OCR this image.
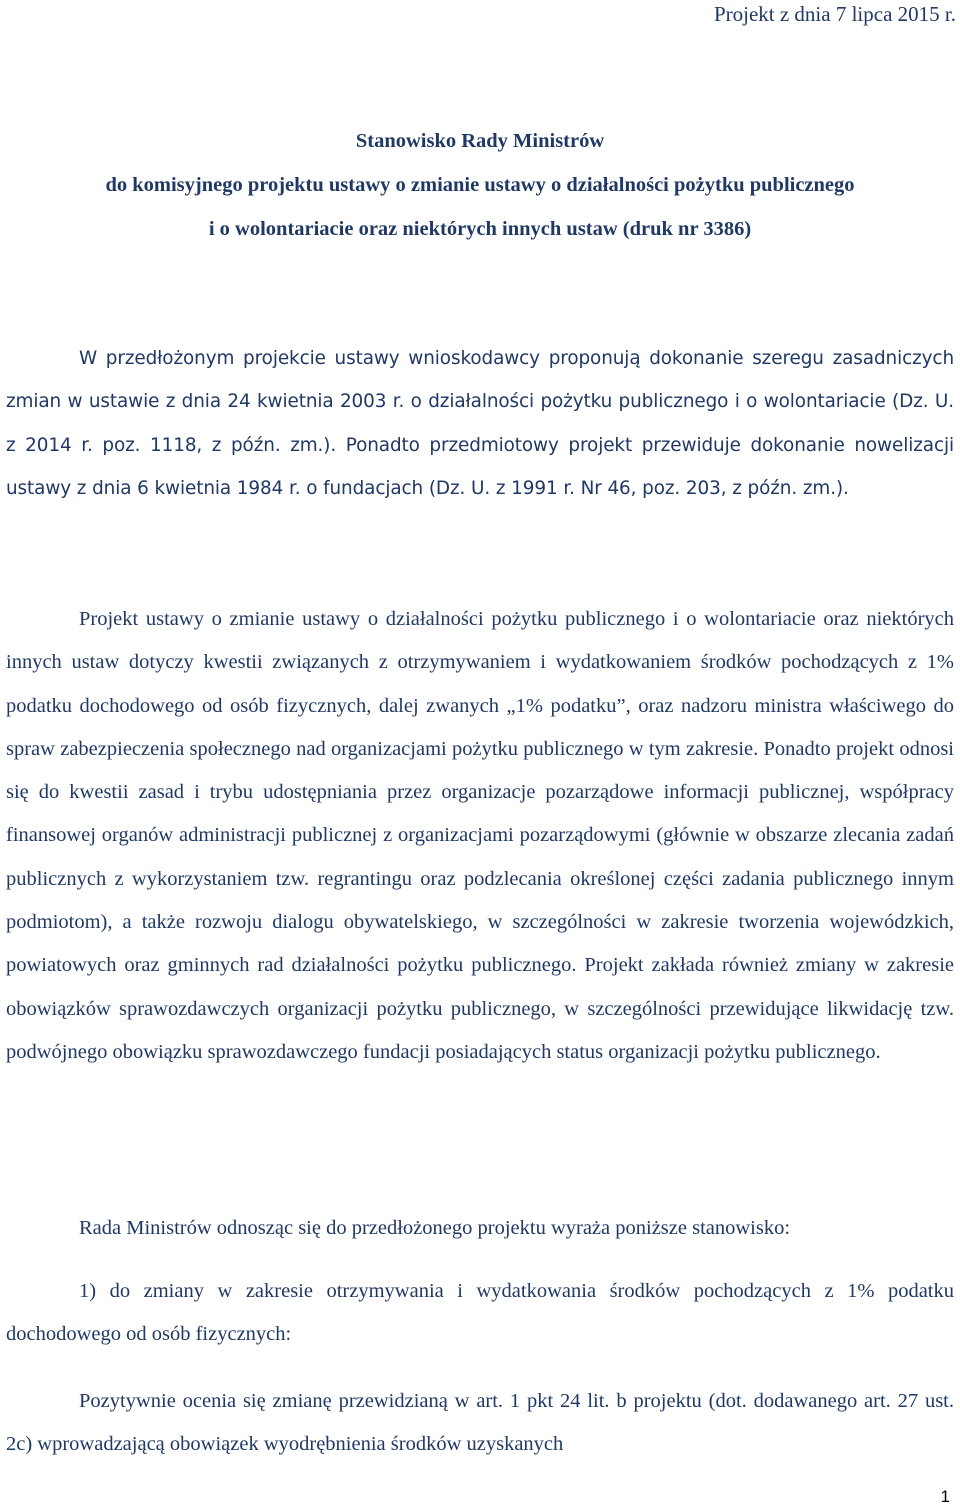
Projekt z dnia 7 lipca 2015 r.
Stanowisko Rady Ministrów
do komisyjnego projektu ustawy o zmianie ustawy o działalności pożytku publicznego
i o wolontariacie oraz niektórych innych ustaw (druk nr 3386)

W przedłożonym projekcie ustawy wnioskodawcy proponują dokonanie szeregu zasadniczych zmian w ustawie z dnia 24 kwietnia 2003 r. o działalności pożytku publicznego i o wolontariacie (Dz. U. z 2014 r. poz. 1118, z późn. zm.). Ponadto przedmiotowy projekt przewiduje dokonanie nowelizacji ustawy z dnia 6 kwietnia 1984 r. o fundacjach (Dz. U. z 1991 r. Nr 46, poz. 203, z późn. zm.).

Projekt ustawy o zmianie ustawy o działalności pożytku publicznego i o wolontariacie oraz niektórych innych ustaw dotyczy kwestii związanych z otrzymywaniem i wydatkowaniem środków pochodzących z 1% podatku dochodowego od osób fizycznych, dalej zwanych „1% podatku”, oraz nadzoru ministra właściwego do spraw zabezpieczenia społecznego nad organizacjami pożytku publicznego w tym zakresie. Ponadto projekt odnosi się do kwestii zasad i trybu udostępniania przez organizacje pozarządowe informacji publicznej, współpracy finansowej organów administracji publicznej z organizacjami pozarządowymi (głównie w obszarze zlecania zadań publicznych z wykorzystaniem tzw. regrantingu oraz podzlecania określonej części zadania publicznego innym podmiotom), a także rozwoju dialogu obywatelskiego, w szczególności w zakresie tworzenia wojewódzkich, powiatowych oraz gminnych rad działalności pożytku publicznego. Projekt zakłada również zmiany w zakresie obowiązków sprawozdawczych organizacji pożytku publicznego, w szczególności przewidujące likwidację tzw. podwójnego obowiązku sprawozdawczego fundacji posiadających status organizacji pożytku publicznego.

Rada Ministrów odnosząc się do przedłożonego projektu wyraża poniższe stanowisko:

1) do zmiany w zakresie otrzymywania i wydatkowania środków pochodzących z 1% podatku dochodowego od osób fizycznych:

Pozytywnie ocenia się zmianę przewidzianą w art. 1 pkt 24 lit. b projektu (dot. dodawanego art. 27 ust. 2c) wprowadzającą obowiązek wyodrębnienia środków uzyskanych

1
